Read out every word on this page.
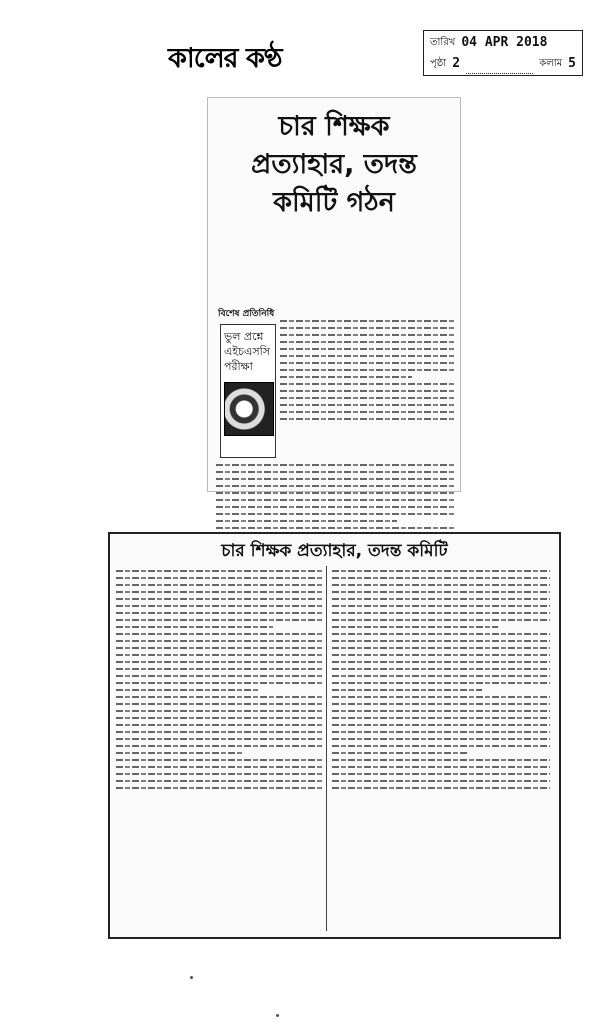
কালের কণ্ঠ
তারিখ 04 APR 2018
পৃষ্ঠা 2	কলাম 5
চার শিক্ষক
প্রত্যাহার, তদন্ত
কমিটি গঠন
বিশেষ প্রতিনিধি
ভুল প্রশ্নে
এইচএসসি
পরীক্ষা
চার শিক্ষক প্রত্যাহার, তদন্ত কমিটি
